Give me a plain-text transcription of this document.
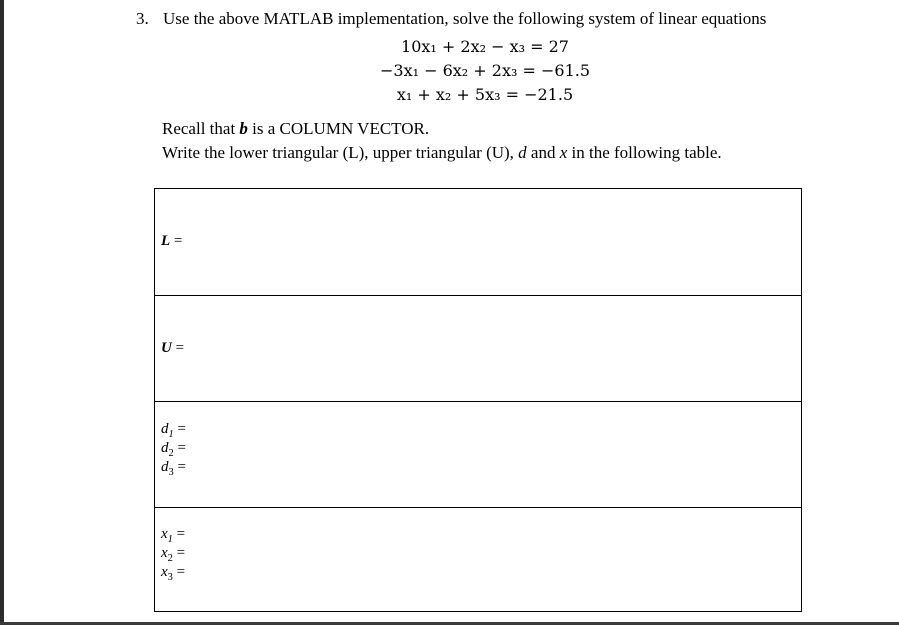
3. Use the above MATLAB implementation, solve the following system of linear equations
10x₁ + 2x₂ − x₃ = 27
−3x₁ − 6x₂ + 2x₃ = −61.5
x₁ + x₂ + 5x₃ = −21.5
Recall that b is a COLUMN VECTOR.
Write the lower triangular (L), upper triangular (U), d and x in the following table.
L =
U =
$d_1$ =
$d_2$ =
$d_3$ =
$x_1$ =
$x_2$ =
$x_3$ =
